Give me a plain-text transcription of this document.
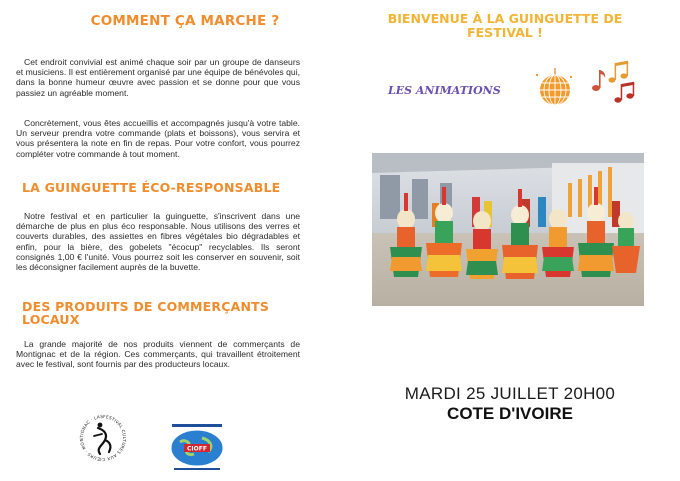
COMMENT ÇA MARCHE ?
Cet endroit convivial est animé chaque soir par un groupe de danseurs et musiciens. Il est entièrement organisé par une équipe de bénévoles qui, dans la bonne humeur œuvre avec passion et se donne pour que vous passiez un agréable moment.
Concrètement, vous êtes accueillis et accompagnés jusqu'à votre table. Un serveur prendra votre commande (plats et boissons), vous servira et vous présentera la note en fin de repas. Pour votre confort, vous pourrez compléter votre commande à tout moment.
LA GUINGUETTE ÉCO-RESPONSABLE
Notre festival et en particulier la guinguette, s'inscrivent dans une démarche de plus en plus éco responsable. Nous utilisons des verres et couverts durables, des assiettes en fibres végétales bio dégradables et enfin, pour la bière, des gobelets "écocup" recyclables. Ils seront consignés 1,00 € l'unité. Vous pourrez soit les conserver en souvenir, soit les déconsigner facilement auprès de la buvette.
DES PRODUITS DE COMMERÇANTS LOCAUX
La grande majorité de nos produits viennent de commerçants de Montignac et de la région. Ces commerçants, qui travaillent étroitement avec le festival, sont fournis par des producteurs locaux.
FESTIVAL CULTURES AUX CŒURS · MONTIGNAC · LAS
CIOFF
BIENVENUE À LA GUINGUETTE DE FESTIVAL !
LES ANIMATIONS
MARDI 25 JUILLET 20H00
COTE D'IVOIRE
